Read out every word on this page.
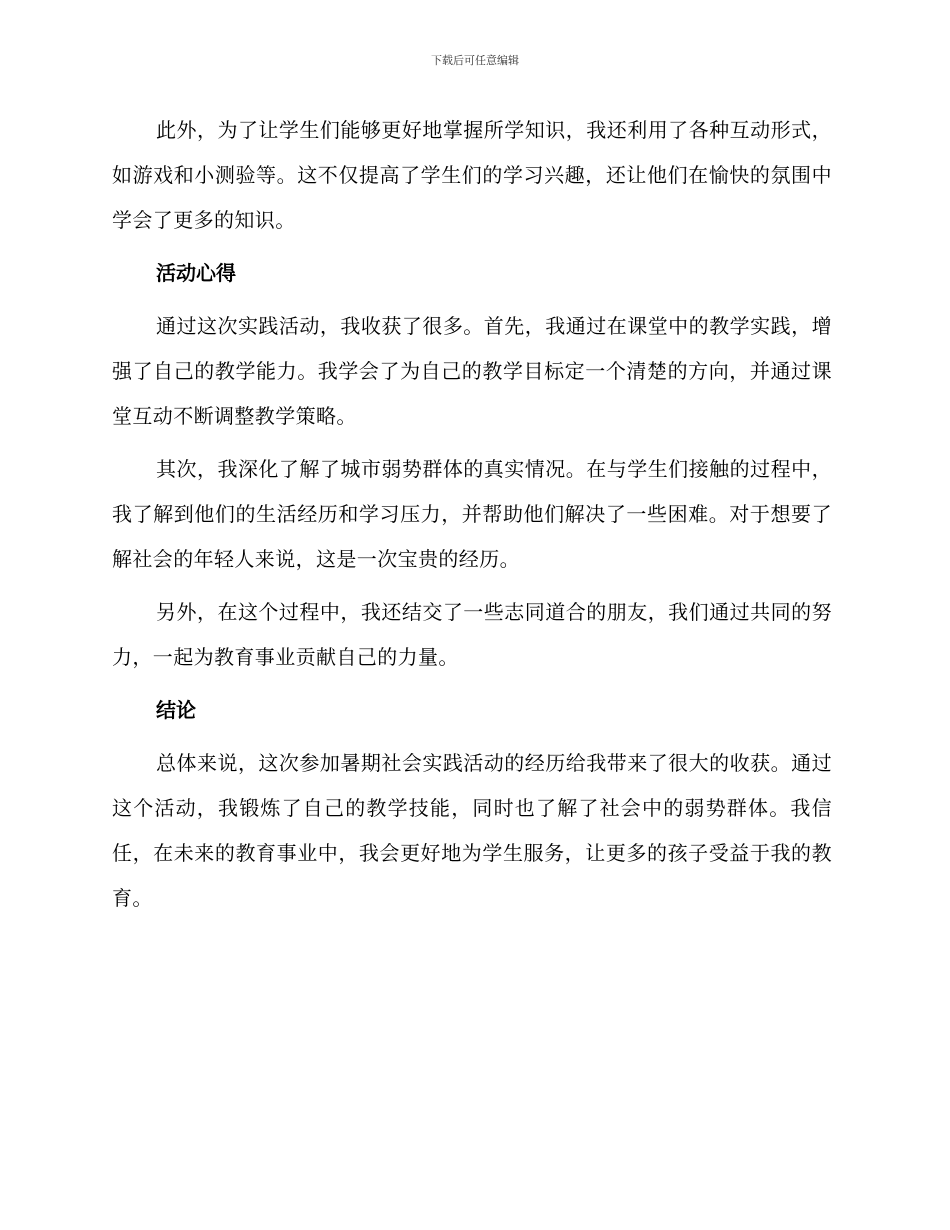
下载后可任意编辑

此外，为了让学生们能够更好地掌握所学知识，我还利用了各种互动形式，如游戏和小测验等。这不仅提高了学生们的学习兴趣，还让他们在愉快的氛围中学会了更多的知识。

活动心得

通过这次实践活动，我收获了很多。首先，我通过在课堂中的教学实践，增强了自己的教学能力。我学会了为自己的教学目标定一个清楚的方向，并通过课堂互动不断调整教学策略。

其次，我深化了解了城市弱势群体的真实情况。在与学生们接触的过程中，我了解到他们的生活经历和学习压力，并帮助他们解决了一些困难。对于想要了解社会的年轻人来说，这是一次宝贵的经历。

另外，在这个过程中，我还结交了一些志同道合的朋友，我们通过共同的努力，一起为教育事业贡献自己的力量。

结论

总体来说，这次参加暑期社会实践活动的经历给我带来了很大的收获。通过这个活动，我锻炼了自己的教学技能，同时也了解了社会中的弱势群体。我信任，在未来的教育事业中，我会更好地为学生服务，让更多的孩子受益于我的教育。
